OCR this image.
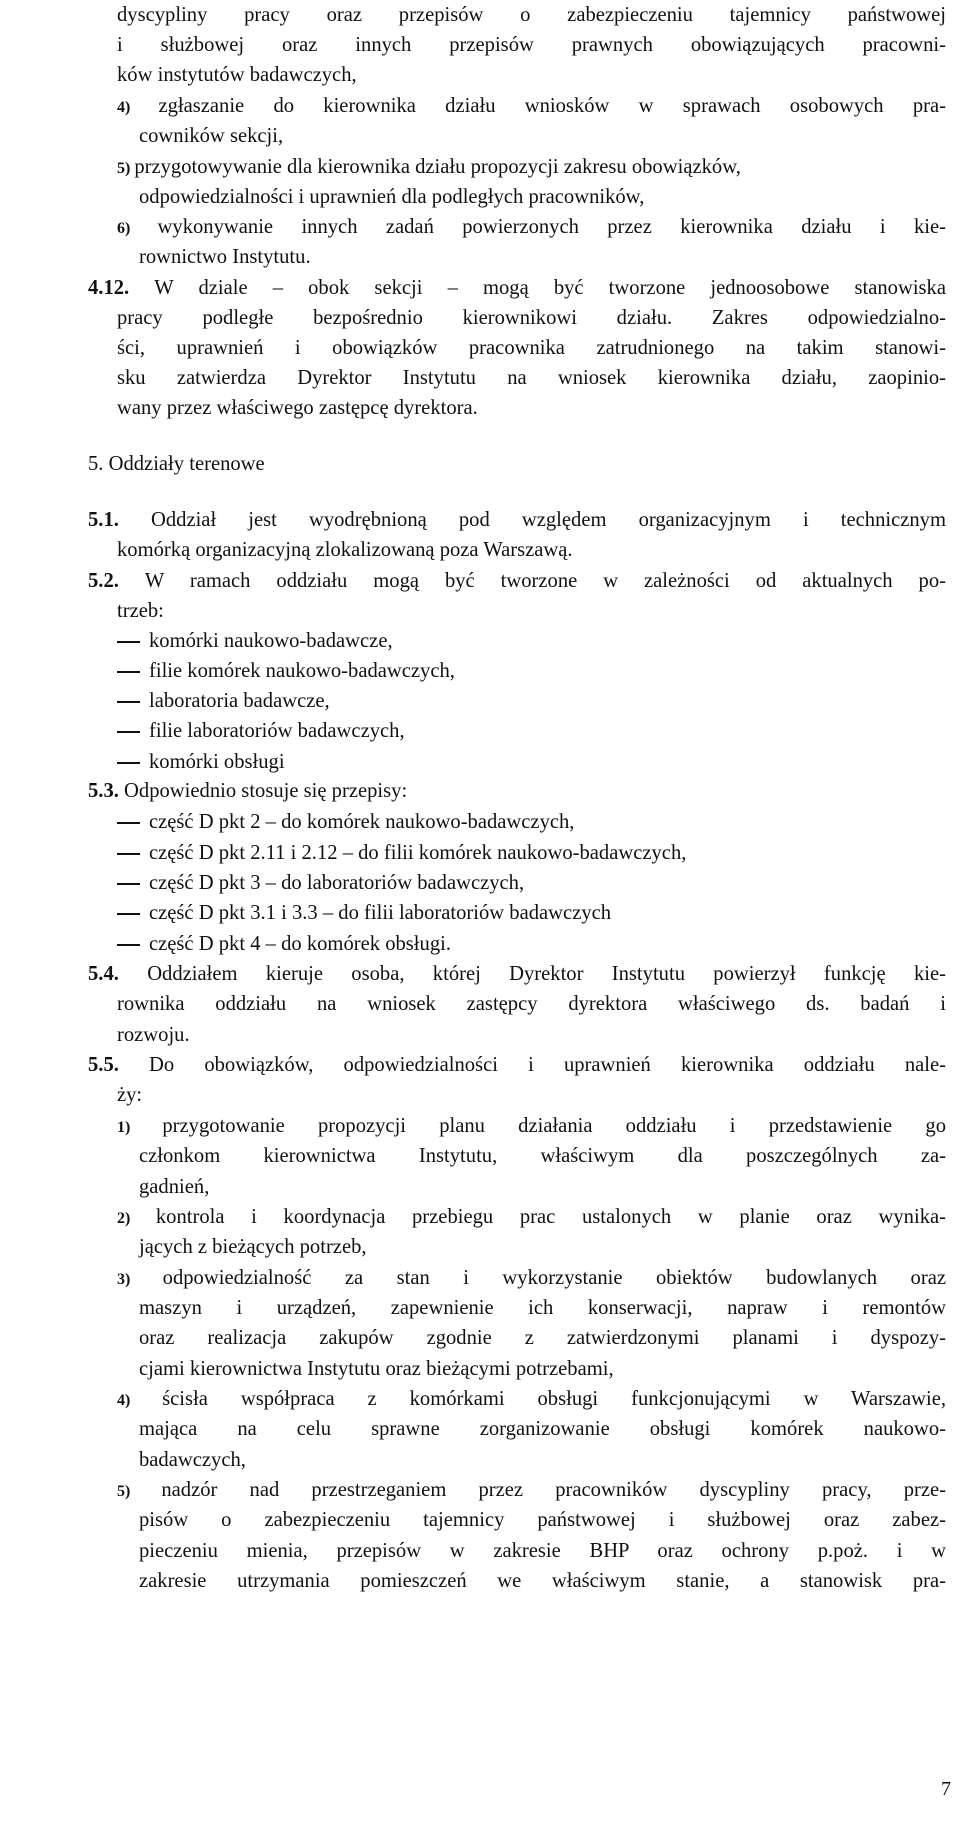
dyscypliny pracy oraz przepisów o zabezpieczeniu tajemnicy państwowej
i służbowej oraz innych przepisów prawnych obowiązujących pracowni-
ków instytutów badawczych,
4) zgłaszanie do kierownika działu wniosków w sprawach osobowych pra-
cowników sekcji,
5) przygotowywanie dla kierownika działu propozycji zakresu obowiązków,
odpowiedzialności i uprawnień dla podległych pracowników,
6) wykonywanie innych zadań powierzonych przez kierownika działu i kie-
rownictwo Instytutu.
4.12. W dziale – obok sekcji – mogą być tworzone jednoosobowe stanowiska
pracy podległe bezpośrednio kierownikowi działu. Zakres odpowiedzialno-
ści, uprawnień i obowiązków pracownika zatrudnionego na takim stanowi-
sku zatwierdza Dyrektor Instytutu na wniosek kierownika działu, zaopinio-
wany przez właściwego zastępcę dyrektora.
5. Oddziały terenowe
5.1. Oddział jest wyodrębnioną pod względem organizacyjnym i technicznym
komórką organizacyjną zlokalizowaną poza Warszawą.
5.2. W ramach oddziału mogą być tworzone w zależności od aktualnych po-
trzeb:
komórki naukowo-badawcze,
filie komórek naukowo-badawczych,
laboratoria badawcze,
filie laboratoriów badawczych,
komórki obsługi
5.3. Odpowiednio stosuje się przepisy:
część D pkt 2 – do komórek naukowo-badawczych,
część D pkt 2.11 i 2.12 – do filii komórek naukowo-badawczych,
część D pkt 3 – do laboratoriów badawczych,
część D pkt 3.1 i 3.3 – do filii laboratoriów badawczych
część D pkt 4 – do komórek obsługi.
5.4. Oddziałem kieruje osoba, której Dyrektor Instytutu powierzył funkcję kie-
rownika oddziału na wniosek zastępcy dyrektora właściwego ds. badań i
rozwoju.
5.5. Do obowiązków, odpowiedzialności i uprawnień kierownika oddziału nale-
ży:
1) przygotowanie propozycji planu działania oddziału i przedstawienie go
członkom kierownictwa Instytutu, właściwym dla poszczególnych za-
gadnień,
2) kontrola i koordynacja przebiegu prac ustalonych w planie oraz wynika-
jących z bieżących potrzeb,
3) odpowiedzialność za stan i wykorzystanie obiektów budowlanych oraz
maszyn i urządzeń, zapewnienie ich konserwacji, napraw i remontów
oraz realizacja zakupów zgodnie z zatwierdzonymi planami i dyspozy-
cjami kierownictwa Instytutu oraz bieżącymi potrzebami,
4) ścisła współpraca z komórkami obsługi funkcjonującymi w Warszawie,
mająca na celu sprawne zorganizowanie obsługi komórek naukowo-
badawczych,
5) nadzór nad przestrzeganiem przez pracowników dyscypliny pracy, prze-
pisów o zabezpieczeniu tajemnicy państwowej i służbowej oraz zabez-
pieczeniu mienia, przepisów w zakresie BHP oraz ochrony p.poż. i w
zakresie utrzymania pomieszczeń we właściwym stanie, a stanowisk pra-
7
